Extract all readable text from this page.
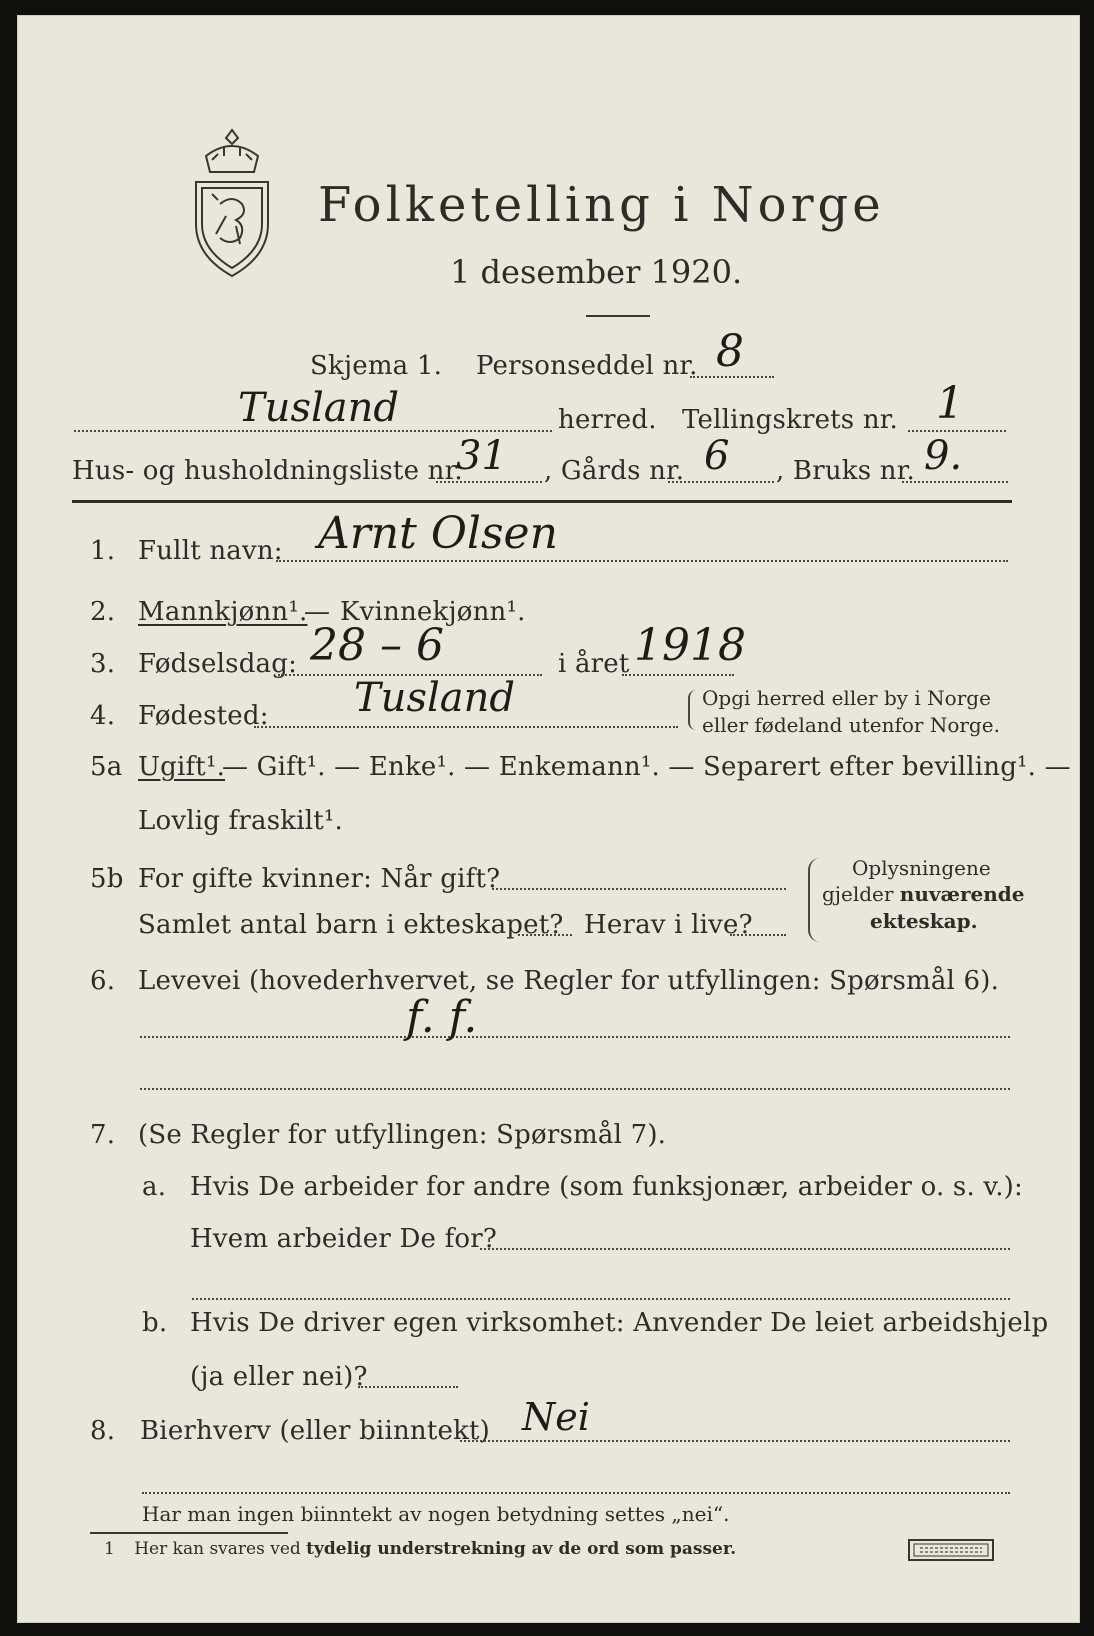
Folketelling i Norge
1 desember 1920.
Skjema 1. Personseddel nr. 8
Tusland	herred. Tellingskrets nr. 1
Hus- og husholdningsliste nr.
31 , Gårds nr. 6 , Bruks nr. 9.
1. Fullt navn: Arnt Olsen
2. Mannkjønn¹.
— Kvinnekjønn¹.
3. Fødselsdag: 28 – 6	i året 1918
4. Fødested: Tusland	Opgi herred eller by i Norge
eller fødeland utenfor Norge.
5a Ugift¹.
— Gift¹. — Enke¹. — Enkemann¹. — Separert efter bevilling¹. —
Lovlig fraskilt¹.
5b For gifte kvinner: Når gift?
Samlet antal barn i ekteskapet? Herav i live?
Oplysningene
gjelder nuværende
ekteskap.
6. Levevei (hovederhvervet, se Regler for utfyllingen: Spørsmål 6).
f. f.
7. (Se Regler for utfyllingen: Spørsmål 7).
a. Hvis De arbeider for andre (som funksjonær, arbeider o. s. v.):
Hvem arbeider De for?
b. Hvis De driver egen virksomhet: Anvender De leiet arbeidshjelp
(ja eller nei)?
8. Bierhverv (eller biinntekt) Nei
Har man ingen biinntekt av nogen betydning settes „nei“.
1 Her kan svares ved tydelig understrekning av de ord som passer.
